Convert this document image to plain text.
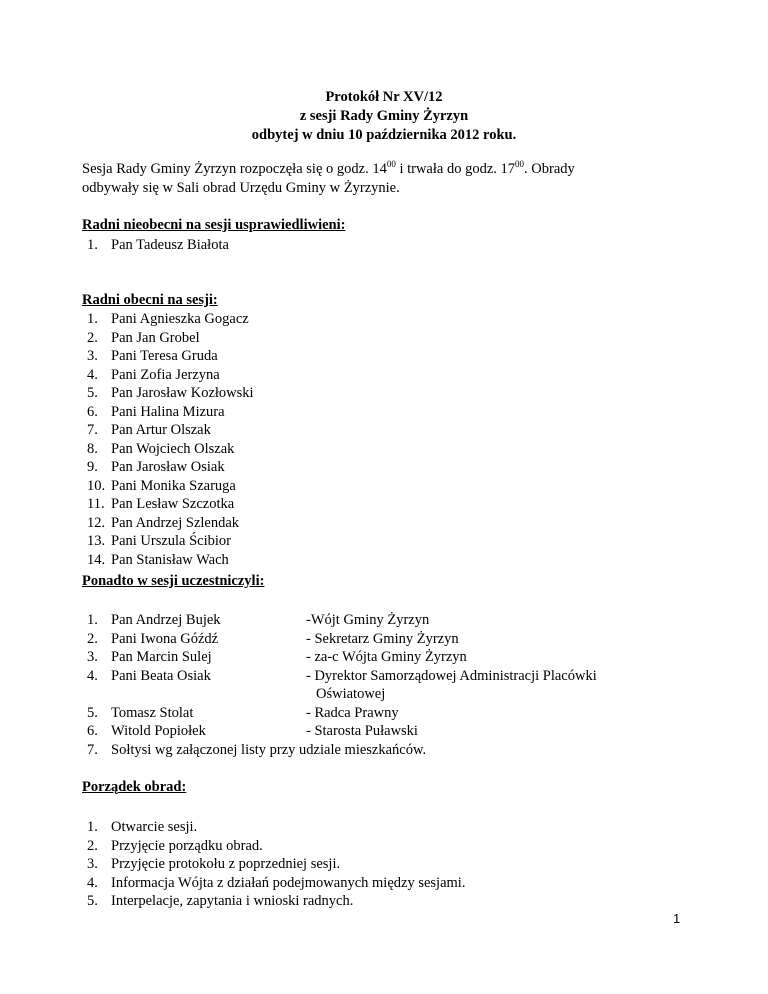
Protokół Nr XV/12
z sesji Rady Gminy Żyrzyn
odbytej w dniu 10 października 2012 roku.
Sesja Rady Gminy Żyrzyn rozpoczęła się o godz. $14^{00}$ i trwała do godz. $17^{00}$. Obrady
odbywały się w Sali obrad Urzędu Gminy w Żyrzynie.
Radni nieobecni na sesji usprawiedliwieni:
1. Pan Tadeusz Białota
Radni obecni na sesji:
1. Pani Agnieszka Gogacz
2. Pan Jan Grobel
3. Pani Teresa Gruda
4. Pani Zofia Jerzyna
5. Pan Jarosław Kozłowski
6. Pani Halina Mizura
7. Pan Artur Olszak
8. Pan Wojciech Olszak
9. Pan Jarosław Osiak
10. Pani Monika Szaruga
11. Pan Lesław Szczotka
12. Pan Andrzej Szlendak
13. Pani Urszula Ścibior
14. Pan Stanisław Wach
Ponadto w sesji uczestniczyli:
1. Pan Andrzej Bujek	-Wójt Gminy Żyrzyn
2. Pani Iwona Góźdź	- Sekretarz Gminy Żyrzyn
3. Pan Marcin Sulej	- za-c Wójta Gminy Żyrzyn
4. Pani Beata Osiak	- Dyrektor Samorządowej Administracji Placówki
Oświatowej
5. Tomasz Stolat	- Radca Prawny
6. Witold Popiołek	- Starosta Puławski
7. Sołtysi wg załączonej listy przy udziale mieszkańców.
Porządek obrad:
1. Otwarcie sesji.
2. Przyjęcie porządku obrad.
3. Przyjęcie protokołu z poprzedniej sesji.
4. Informacja Wójta z działań podejmowanych między sesjami.
5. Interpelacje, zapytania i wnioski radnych.
1
